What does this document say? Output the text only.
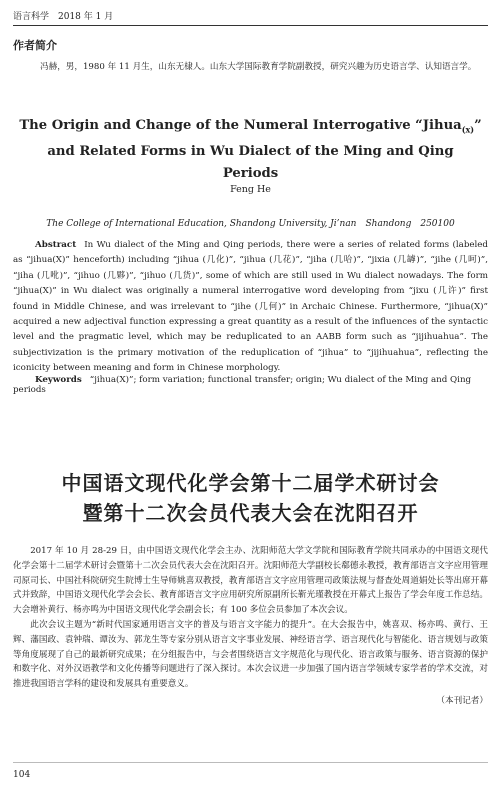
语言科学　2018 年 1 月
作者简介
冯赫，男，1980 年 11 月生，山东无棣人。山东大学国际教育学院副教授，研究兴趣为历史语言学、认知语言学。
The Origin and Change of the Numeral Interrogative “Jihua$_{(x)}$”
and Related Forms in Wu Dialect of the Ming and Qing Periods
Feng He
The College of International Education, Shandong University, Ji’nan　Shandong　250100
Abstract In Wu dialect of the Ming and Qing periods, there were a series of related forms (labeled as “jihua(X)” henceforth) including “jihua (几化)”, “jihua (几花)”, “jiha (几哈)”, “jixia (几罅)”, “jihe (几呵)”, “jiha (几吪)”, “jihuo (几夥)”, “jihuo (几货)”, some of which are still used in Wu dialect nowadays. The form “jihua(X)” in Wu dialect was originally a numeral interrogative word developing from “jixu (几许)” first found in Middle Chinese, and was irrelevant to “jihe (几何)” in Archaic Chinese. Furthermore, “jihua(X)” acquired a new adjectival function expressing a great quantity as a result of the influences of the syntactic level and the pragmatic level, which may be reduplicated to an AABB form such as “jijihuahua”. The subjectivization is the primary motivation of the reduplication of “jihua” to “jijihuahua”, reflecting the iconicity between meaning and form in Chinese morphology.
Keywords “jihua(X)”; form variation; functional transfer; origin; Wu dialect of the Ming and Qing periods
中国语文现代化学会第十二届学术研讨会
暨第十二次会员代表大会在沈阳召开

2017 年 10 月 28-29 日，由中国语文现代化学会主办、沈阳师范大学文学院和国际教育学院共同承办的中国语文现代化学会第十二届学术研讨会暨第十二次会员代表大会在沈阳召开。沈阳师范大学副校长郗德永教授，教育部语言文字应用管理司原司长、中国社科院研究生院博士生导师姚喜双教授，教育部语言文字应用管理司政策法规与督查处周道娟处长等出席开幕式并致辞，中国语文现代化学会会长、教育部语言文字应用研究所原副所长靳光瑾教授在开幕式上报告了学会年度工作总结。大会增补黄行、杨亦鸣为中国语文现代化学会副会长；有 100 多位会员参加了本次会议。

此次会议主题为“新时代国家通用语言文字的普及与语言文字能力的提升”。在大会报告中，姚喜双、杨亦鸣、黄行、王辉、藩国政、袁钟瑞、谭汝为、郭龙生等专家分别从语言文字事业发展、神经语言学、语言现代化与智能化、语言规划与政策等角度展现了自己的最新研究成果；在分组报告中，与会者围绕语言文字规范化与现代化、语言政策与服务、语言资源的保护和数字化、对外汉语教学和文化传播等问题进行了深入探讨。本次会议进一步加强了国内语言学领域专家学者的学术交流，对推进我国语言学科的建设和发展具有重要意义。

（本刊记者）
104
